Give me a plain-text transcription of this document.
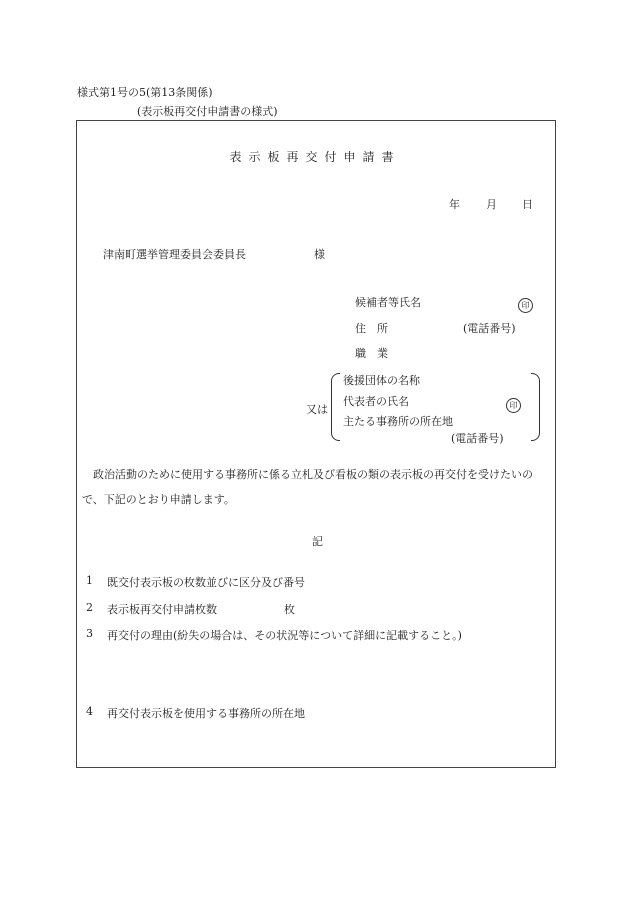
様式第1号の5(第13条関係)
(表示板再交付申請書の様式)
表示板再交付申請書
年 月 日
津南町選挙管理委員会委員長	様
候補者等氏名	印
住　所	(電話番号)
職　業
又は
後援団体の名称
代表者の氏名	印
主たる事務所の所在地
(電話番号)
　政治活動のために使用する事務所に係る立札及び看板の類の表示板の再交付を受けたいので、下記のとおり申請します。
記
1 既交付表示板の枚数並びに区分及び番号
2 表示板再交付申請枚数	枚
3 再交付の理由(紛失の場合は、その状況等について詳細に記載すること。)
4 再交付表示板を使用する事務所の所在地
